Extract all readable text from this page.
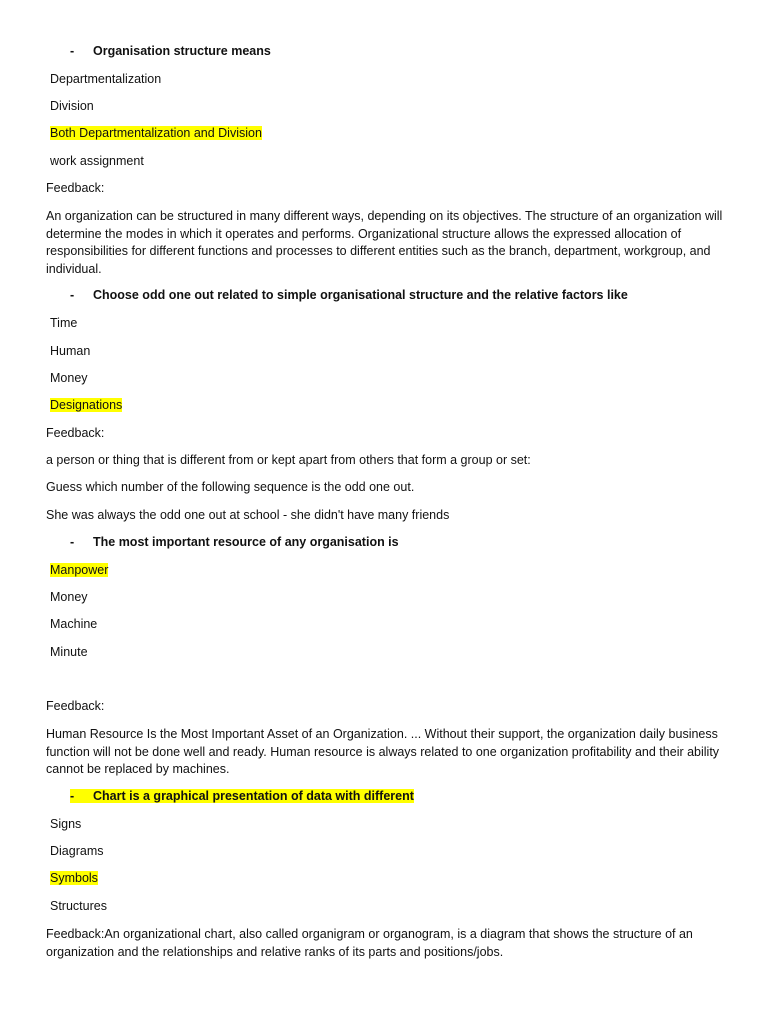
- Organisation structure means
Departmentalization
Division
Both Departmentalization and Division
work assignment
Feedback:
An organization can be structured in many different ways, depending on its objectives. The structure of an organization will determine the modes in which it operates and performs. Organizational structure allows the expressed allocation of responsibilities for different functions and processes to different entities such as the branch, department, workgroup, and individual.
- Choose odd one out related to simple organisational structure and the relative factors like
Time
Human
Money
Designations
Feedback:
a person or thing that is different from or kept apart from others that form a group or set:
Guess which number of the following sequence is the odd one out.
She was always the odd one out at school - she didn't have many friends
- The most important resource of any organisation is
Manpower
Money
Machine
Minute
Feedback:
Human Resource Is the Most Important Asset of an Organization. ... Without their support, the organization daily business function will not be done well and ready. Human resource is always related to one organization profitability and their ability cannot be replaced by machines.
- Chart is a graphical presentation of data with different
Signs
Diagrams
Symbols
Structures
Feedback:An organizational chart, also called organigram or organogram, is a diagram that shows the structure of an organization and the relationships and relative ranks of its parts and positions/jobs.
